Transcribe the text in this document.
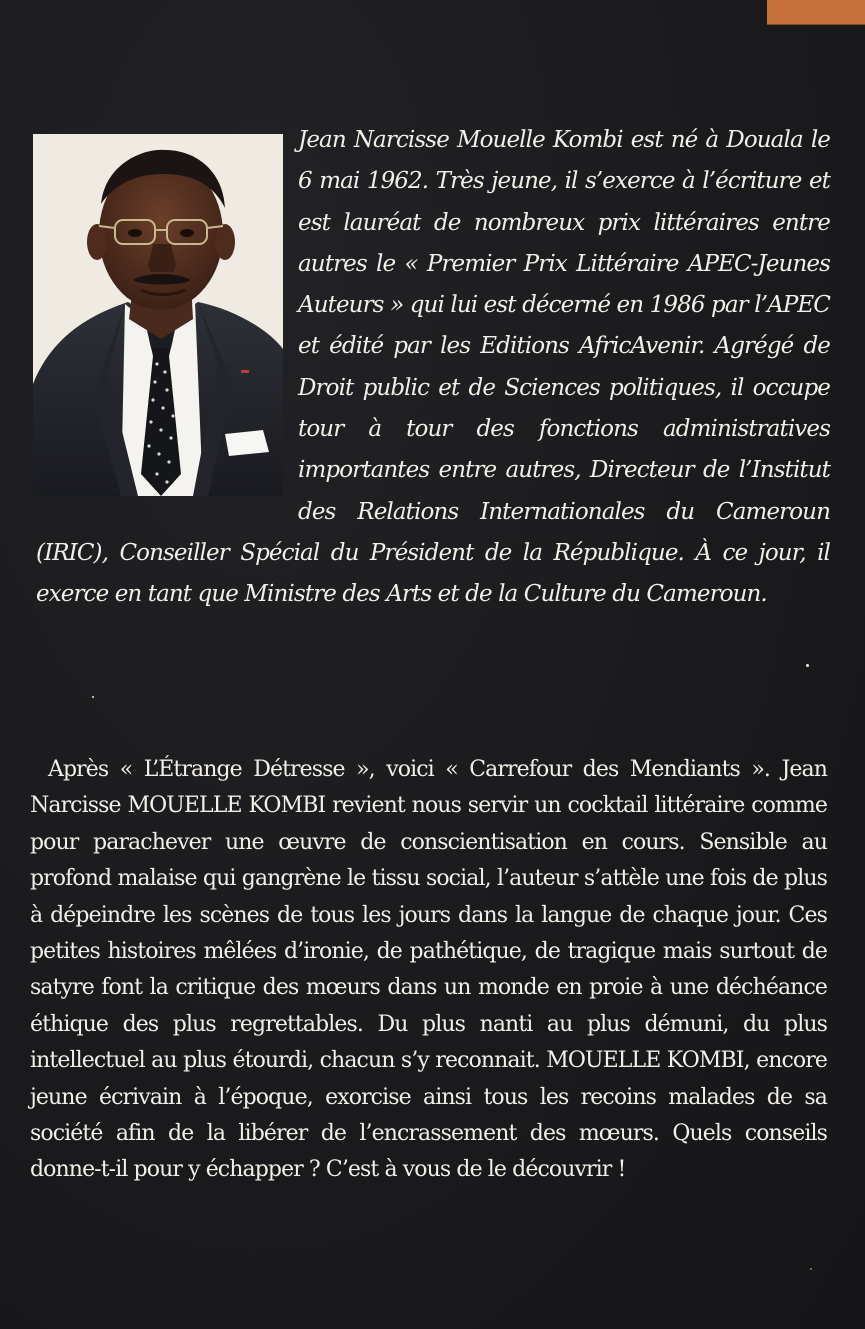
Jean Narcisse Mouelle Kombi est né à Douala le 6 mai 1962. Très jeune, il s’exerce à l’écriture et est lauréat de nombreux prix littéraires entre autres le « Premier Prix Littéraire APEC-Jeunes Auteurs » qui lui est décerné en 1986 par l’APEC et édité par les Editions AfricAvenir. Agrégé de Droit public et de Sciences politiques, il occupe tour à tour des fonctions administratives importantes entre autres, Directeur de l’Institut des Relations Internationales du Cameroun (IRIC), Conseiller Spécial du Président de la République. À ce jour, il exerce en tant que Ministre des Arts et de la Culture du Cameroun.

Après « L’Étrange Détresse », voici « Carrefour des Mendiants ». Jean Narcisse MOUELLE KOMBI revient nous servir un cocktail littéraire comme pour parachever une œuvre de conscientisation en cours. Sensible au profond malaise qui gangrène le tissu social, l’auteur s’attèle une fois de plus à dépeindre les scènes de tous les jours dans la langue de chaque jour. Ces petites histoires mêlées d’ironie, de pathétique, de tragique mais surtout de satyre font la critique des mœurs dans un monde en proie à une déchéance éthique des plus regrettables. Du plus nanti au plus démuni, du plus intellectuel au plus étourdi, chacun s’y reconnait. MOUELLE KOMBI, encore jeune écrivain à l’époque, exorcise ainsi tous les recoins malades de sa société afin de la libérer de l’encrassement des mœurs. Quels conseils donne-t-il pour y échapper ? C’est à vous de le découvrir !
